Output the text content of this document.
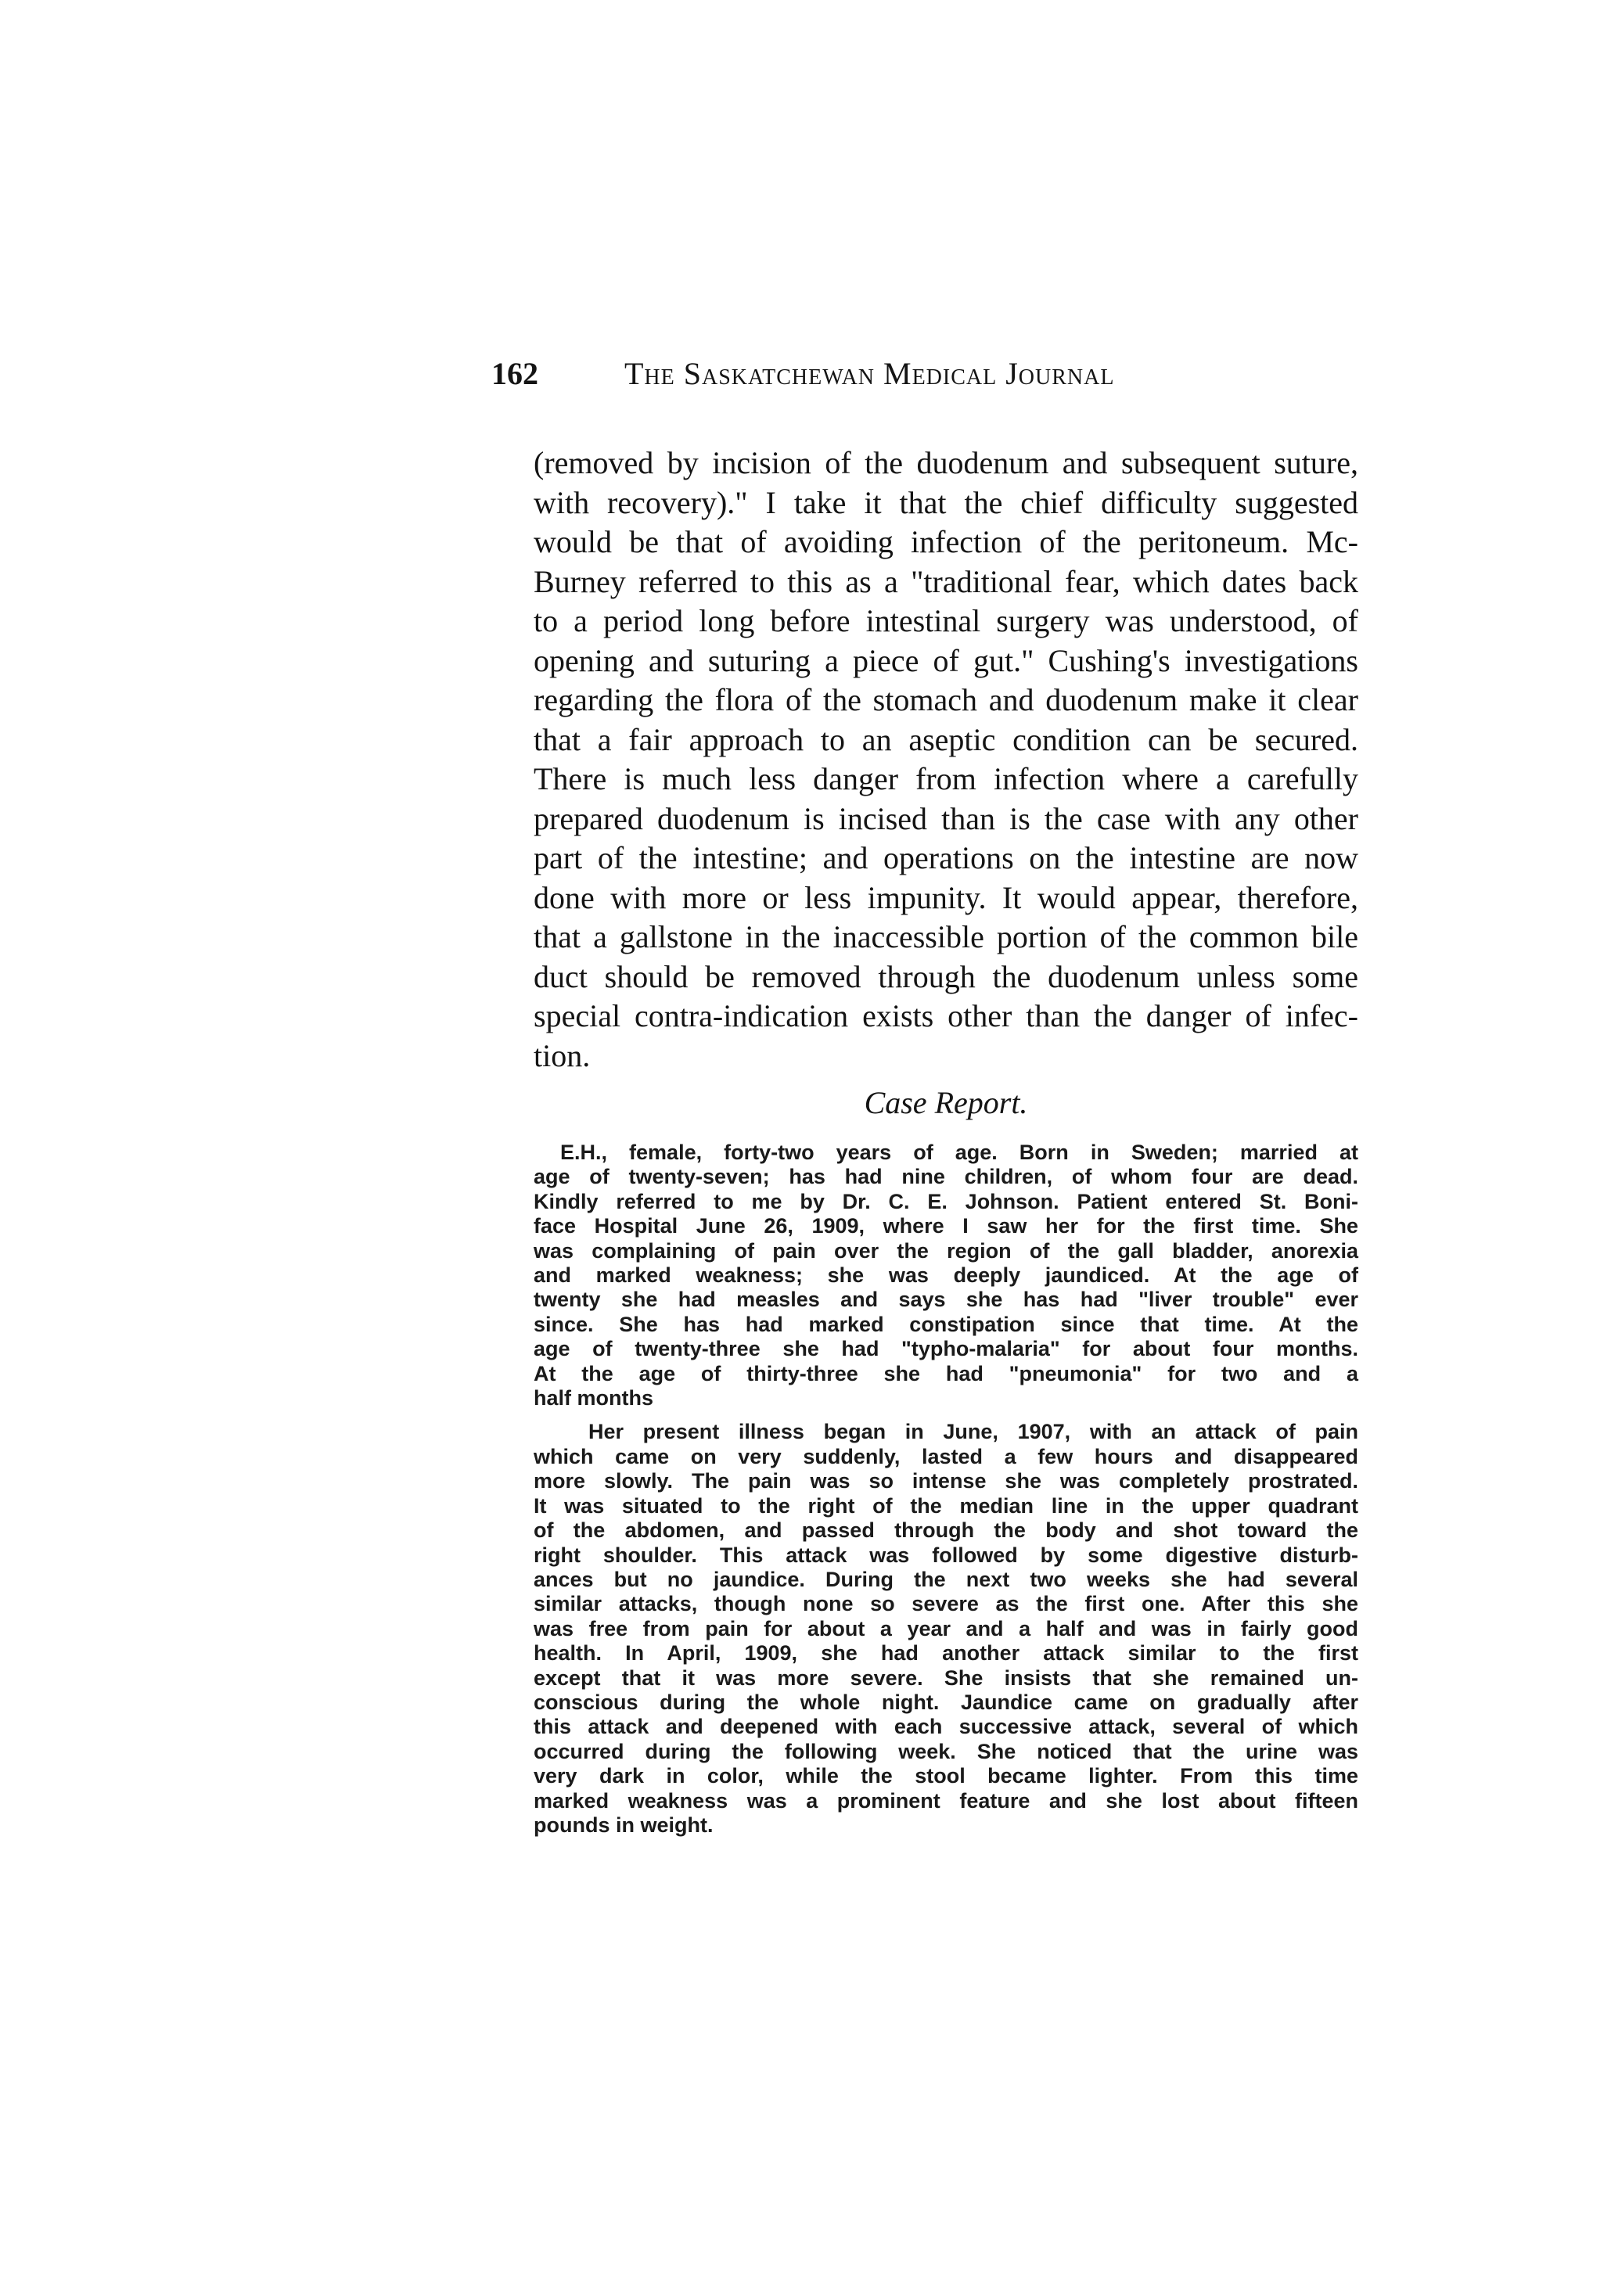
162	The Saskatchewan Medical Journal
(removed by incision of the duodenum and subsequent suture,
with recovery)." I take it that the chief difficulty suggested
would be that of avoiding infection of the peritoneum. Mc-
Burney referred to this as a "traditional fear, which dates back
to a period long before intestinal surgery was understood, of
opening and suturing a piece of gut." Cushing's investigations
regarding the flora of the stomach and duodenum make it clear
that a fair approach to an aseptic condition can be secured.
There is much less danger from infection where a carefully
prepared duodenum is incised than is the case with any other
part of the intestine; and operations on the intestine are now
done with more or less impunity. It would appear, therefore,
that a gallstone in the inaccessible portion of the common bile
duct should be removed through the duodenum unless some
special contra-indication exists other than the danger of infec-
tion.
Case Report.
E.H., female, forty-two years of age. Born in Sweden; married at
age of twenty-seven; has had nine children, of whom four are dead.
Kindly referred to me by Dr. C. E. Johnson. Patient entered St. Boni-
face Hospital June 26, 1909, where I saw her for the first time. She
was complaining of pain over the region of the gall bladder, anorexia
and marked weakness; she was deeply jaundiced. At the age of
twenty she had measles and says she has had "liver trouble" ever
since. She has had marked constipation since that time. At the
age of twenty-three she had "typho-malaria" for about four months.
At the age of thirty-three she had "pneumonia" for two and a
half months
Her present illness began in June, 1907, with an attack of pain
which came on very suddenly, lasted a few hours and disappeared
more slowly. The pain was so intense she was completely prostrated.
It was situated to the right of the median line in the upper quadrant
of the abdomen, and passed through the body and shot toward the
right shoulder. This attack was followed by some digestive disturb-
ances but no jaundice. During the next two weeks she had several
similar attacks, though none so severe as the first one. After this she
was free from pain for about a year and a half and was in fairly good
health. In April, 1909, she had another attack similar to the first
except that it was more severe. She insists that she remained un-
conscious during the whole night. Jaundice came on gradually after
this attack and deepened with each successive attack, several of which
occurred during the following week. She noticed that the urine was
very dark in color, while the stool became lighter. From this time
marked weakness was a prominent feature and she lost about fifteen
pounds in weight.
